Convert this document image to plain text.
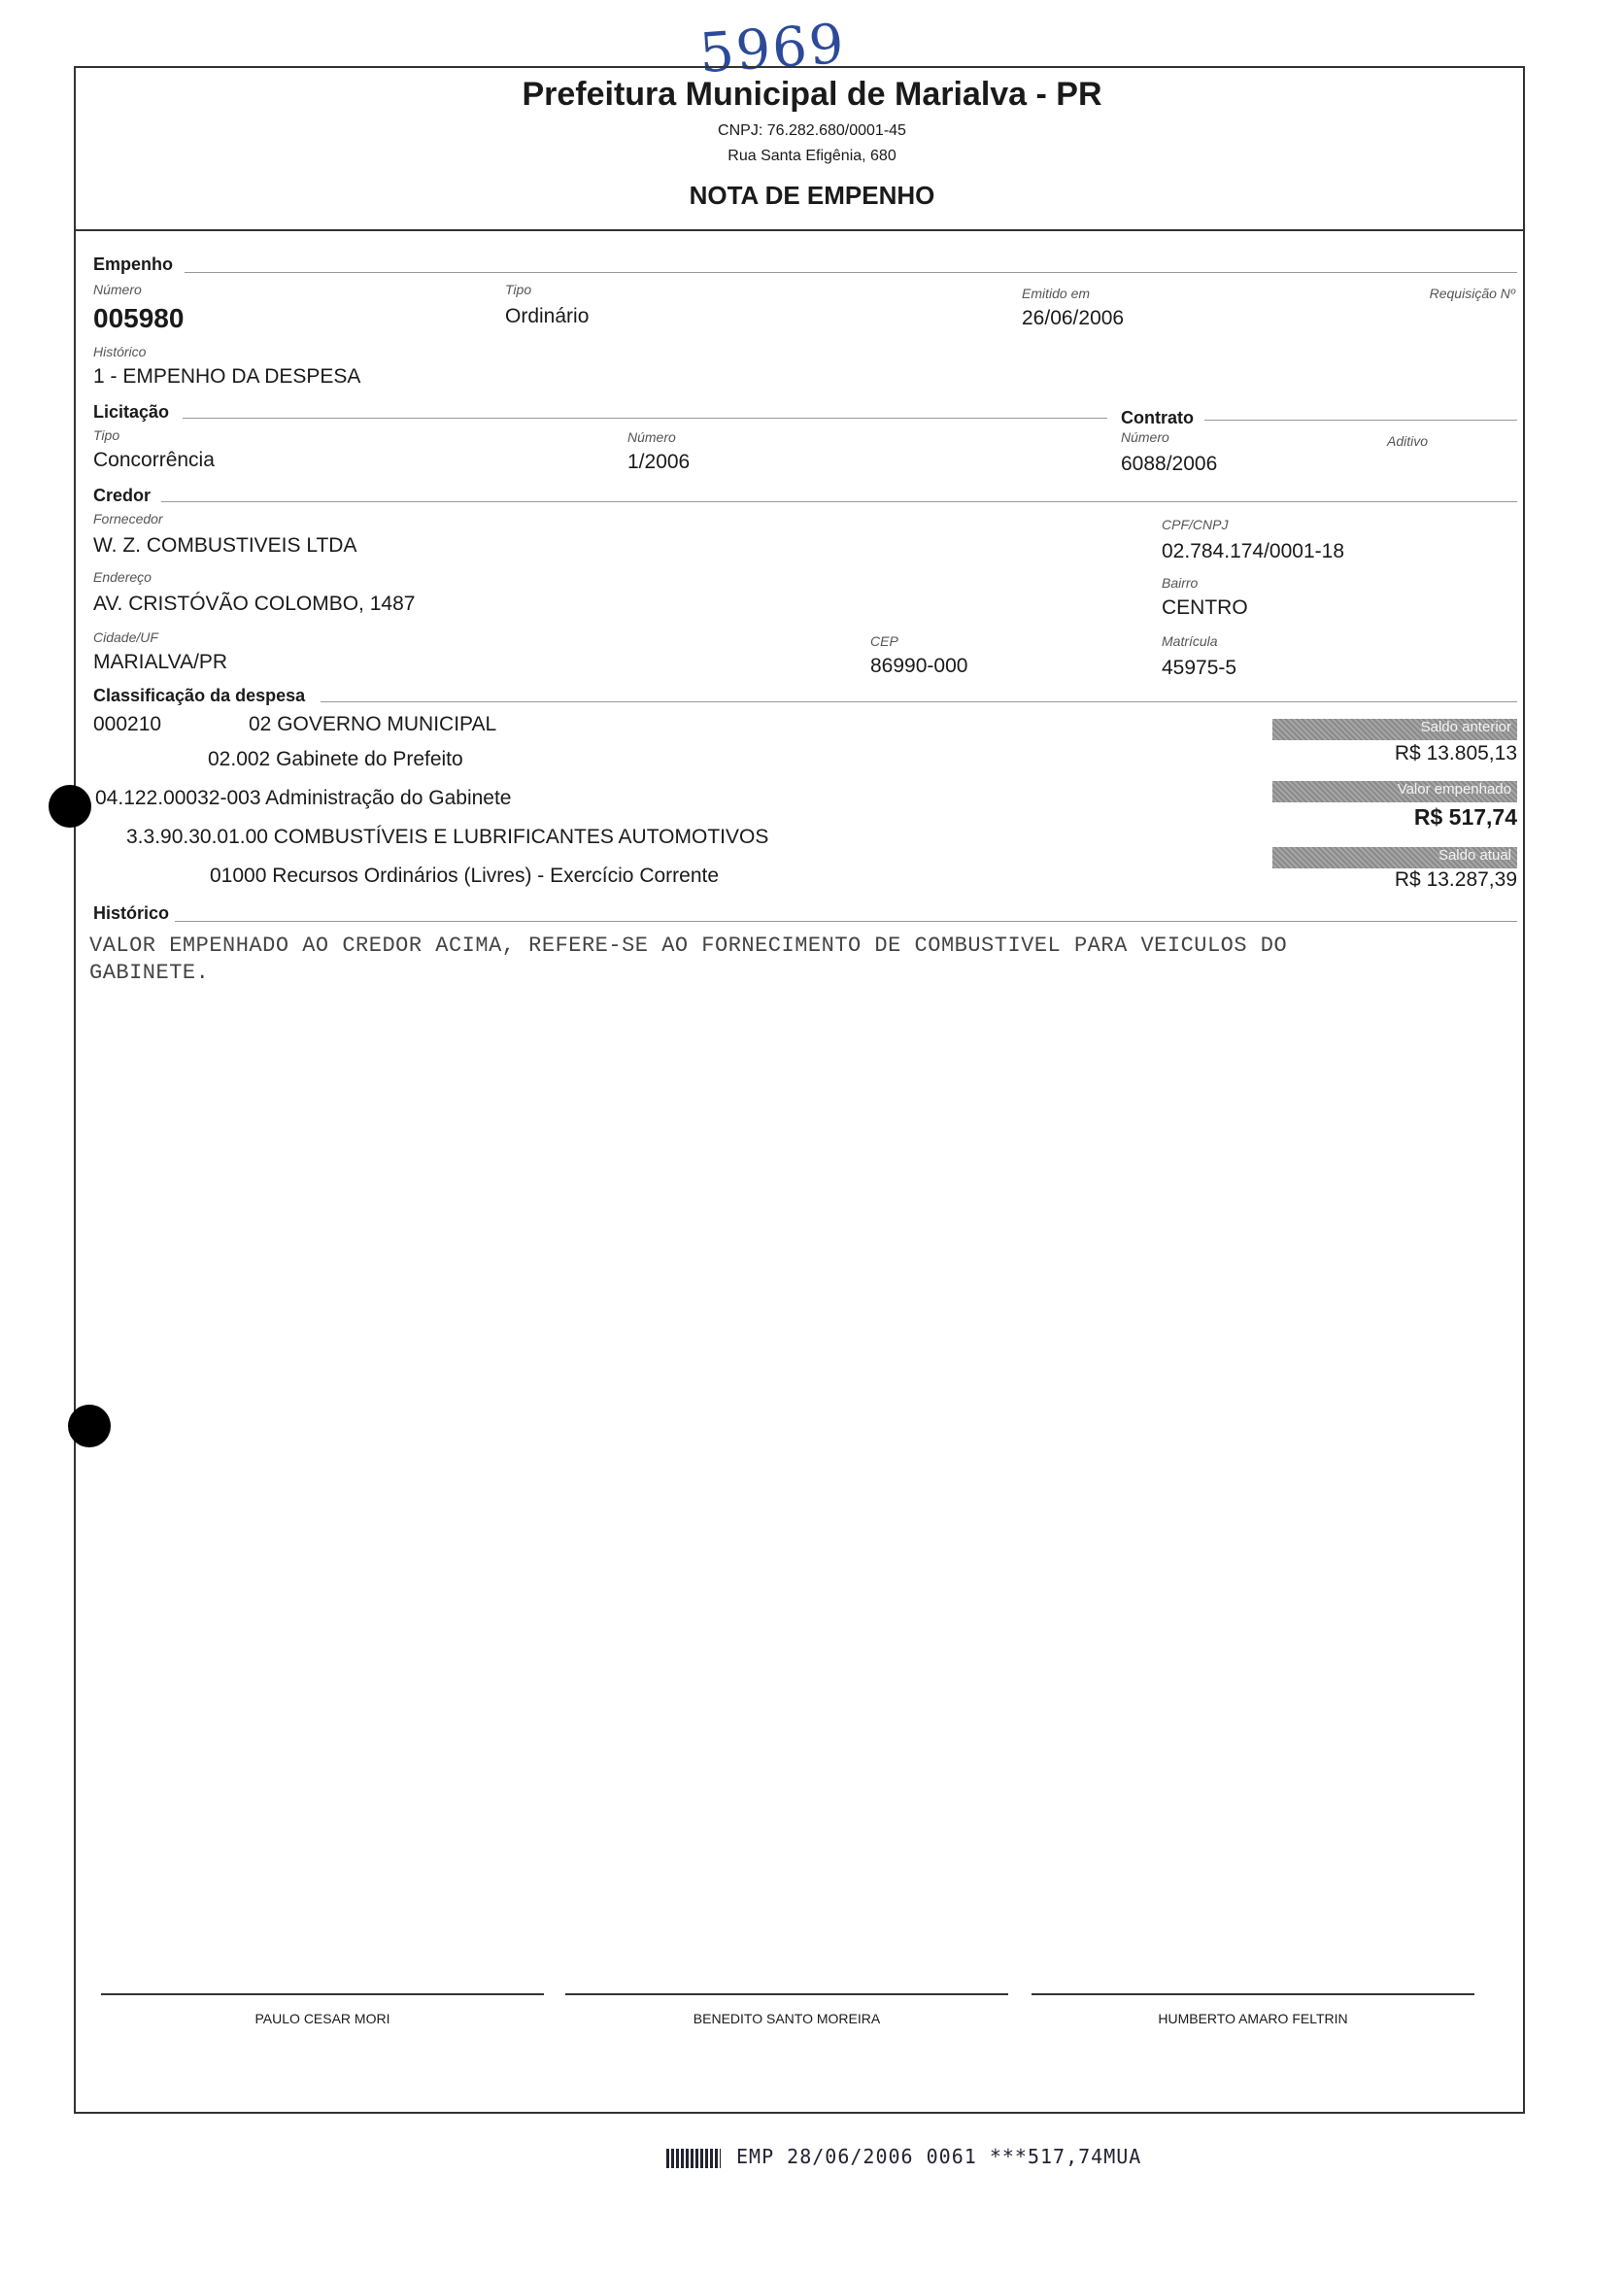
5969
Prefeitura Municipal de Marialva - PR
CNPJ: 76.282.680/0001-45
Rua Santa Efigênia, 680
NOTA DE EMPENHO
Empenho
Número
005980
Tipo
Ordinário
Emitido em
26/06/2006
Requisição Nº
Histórico
1 - EMPENHO DA DESPESA
Licitação
Tipo
Concorrência
Número
1/2006
Contrato
Número
6088/2006
Aditivo
Credor
Fornecedor
W. Z. COMBUSTIVEIS LTDA
CPF/CNPJ
02.784.174/0001-18
Endereço
AV. CRISTÓVÃO COLOMBO, 1487
Bairro
CENTRO
Cidade/UF
MARIALVA/PR
CEP
86990-000
Matrícula
45975-5
Classificação da despesa
000210	02 GOVERNO MUNICIPAL
02.002 Gabinete do Prefeito
04.122.00032-003 Administração do Gabinete
3.3.90.30.01.00 COMBUSTÍVEIS E LUBRIFICANTES AUTOMOTIVOS
01000 Recursos Ordinários (Livres) - Exercício Corrente
Saldo anterior
R$ 13.805,13
Valor empenhado
R$ 517,74
Saldo atual
R$ 13.287,39
Histórico
VALOR EMPENHADO AO CREDOR ACIMA, REFERE-SE AO FORNECIMENTO DE COMBUSTIVEL PARA VEICULOS DO
GABINETE.
PAULO CESAR MORI	BENEDITO SANTO MOREIRA	HUMBERTO AMARO FELTRIN
EMP 28/06/2006 0061 ***517,74MUA
